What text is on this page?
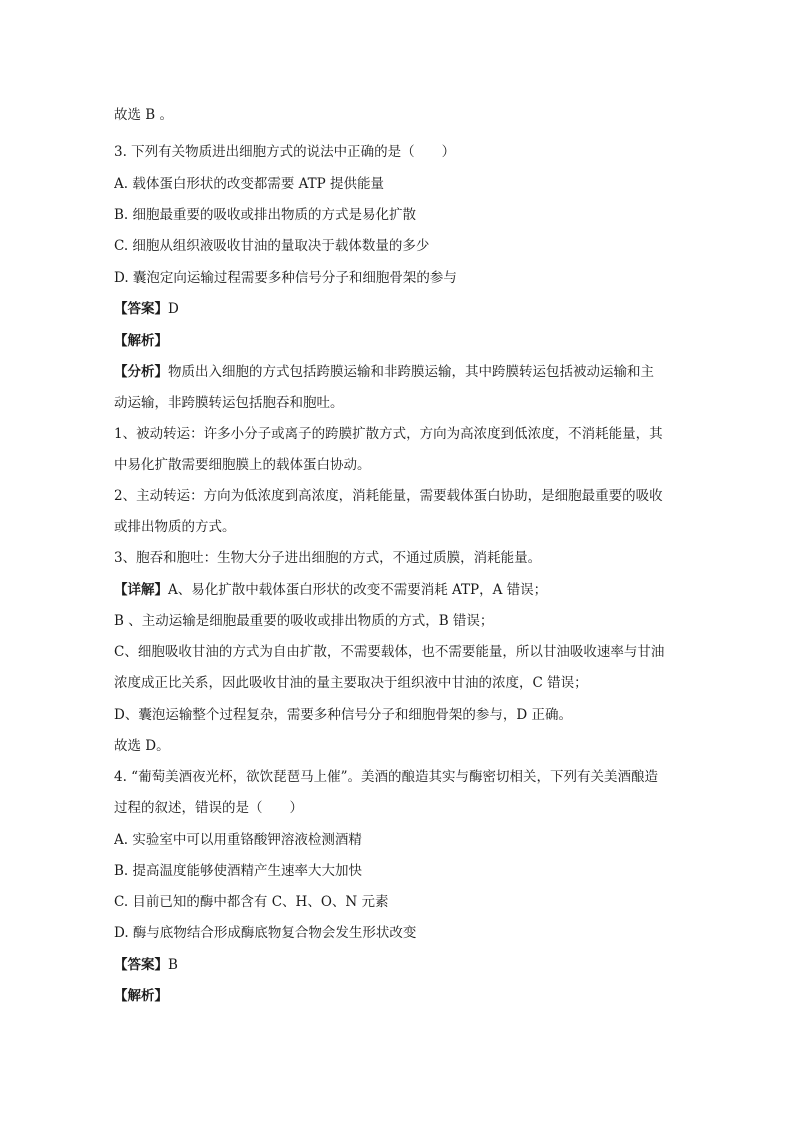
故选 B 。
3. 下列有关物质进出细胞方式的说法中正确的是（　　）
A. 载体蛋白形状的改变都需要 ATP 提供能量
B. 细胞最重要的吸收或排出物质的方式是易化扩散
C. 细胞从组织液吸收甘油的量取决于载体数量的多少
D. 囊泡定向运输过程需要多种信号分子和细胞骨架的参与
【答案】D
【解析】
【分析】物质出入细胞的方式包括跨膜运输和非跨膜运输，其中跨膜转运包括被动运输和主
动运输，非跨膜转运包括胞吞和胞吐。
1、被动转运：许多小分子或离子的跨膜扩散方式，方向为高浓度到低浓度，不消耗能量，其
中易化扩散需要细胞膜上的载体蛋白协动。
2、主动转运：方向为低浓度到高浓度，消耗能量，需要载体蛋白协助，是细胞最重要的吸收
或排出物质的方式。
3、胞吞和胞吐：生物大分子进出细胞的方式，不通过质膜，消耗能量。
【详解】A、易化扩散中载体蛋白形状的改变不需要消耗 ATP，A 错误；
B 、主动运输是细胞最重要的吸收或排出物质的方式，B 错误；
C、细胞吸收甘油的方式为自由扩散，不需要载体，也不需要能量，所以甘油吸收速率与甘油
浓度成正比关系，因此吸收甘油的量主要取决于组织液中甘油的浓度，C 错误；
D、囊泡运输整个过程复杂，需要多种信号分子和细胞骨架的参与，D 正确。
故选 D。
4. “葡萄美酒夜光杯，欲饮琵琶马上催”。美酒的酿造其实与酶密切相关，下列有关美酒酿造
过程的叙述，错误的是（　　）
A. 实验室中可以用重铬酸钾溶液检测酒精
B. 提高温度能够使酒精产生速率大大加快
C. 目前已知的酶中都含有 C、H、O、N 元素
D. 酶与底物结合形成酶底物复合物会发生形状改变
【答案】B
【解析】
